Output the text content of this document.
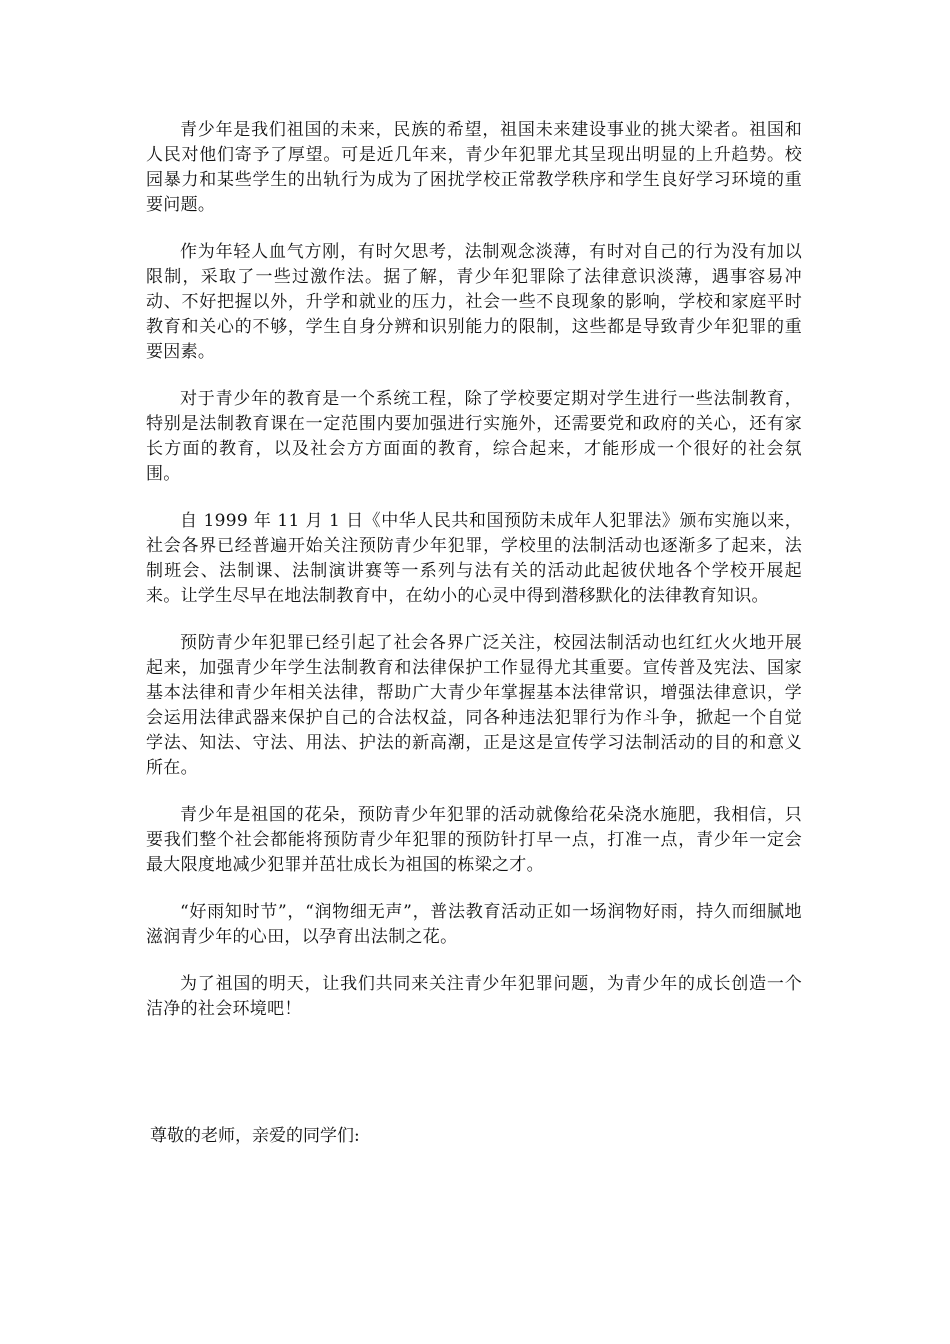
青少年是我们祖国的未来，民族的希望，祖国未来建设事业的挑大梁者。祖国和人民对他们寄予了厚望。可是近几年来，青少年犯罪尤其呈现出明显的上升趋势。校园暴力和某些学生的出轨行为成为了困扰学校正常教学秩序和学生良好学习环境的重要问题。

作为年轻人血气方刚，有时欠思考，法制观念淡薄，有时对自己的行为没有加以限制，采取了一些过激作法。据了解，青少年犯罪除了法律意识淡薄，遇事容易冲动、不好把握以外，升学和就业的压力，社会一些不良现象的影响，学校和家庭平时教育和关心的不够，学生自身分辨和识别能力的限制，这些都是导致青少年犯罪的重要因素。

对于青少年的教育是一个系统工程，除了学校要定期对学生进行一些法制教育，特别是法制教育课在一定范围内要加强进行实施外，还需要党和政府的关心，还有家长方面的教育，以及社会方方面面的教育，综合起来，才能形成一个很好的社会氛围。

自 1999 年 11 月 1 日《中华人民共和国预防未成年人犯罪法》颁布实施以来，社会各界已经普遍开始关注预防青少年犯罪，学校里的法制活动也逐渐多了起来，法制班会、法制课、法制演讲赛等一系列与法有关的活动此起彼伏地各个学校开展起来。让学生尽早在地法制教育中，在幼小的心灵中得到潜移默化的法律教育知识。

预防青少年犯罪已经引起了社会各界广泛关注，校园法制活动也红红火火地开展起来，加强青少年学生法制教育和法律保护工作显得尤其重要。宣传普及宪法、国家基本法律和青少年相关法律，帮助广大青少年掌握基本法律常识，增强法律意识，学会运用法律武器来保护自己的合法权益，同各种违法犯罪行为作斗争，掀起一个自觉学法、知法、守法、用法、护法的新高潮，正是这是宣传学习法制活动的目的和意义所在。

青少年是祖国的花朵，预防青少年犯罪的活动就像给花朵浇水施肥，我相信，只要我们整个社会都能将预防青少年犯罪的预防针打早一点，打准一点，青少年一定会最大限度地减少犯罪并茁壮成长为祖国的栋梁之才。

“好雨知时节”，“润物细无声”，普法教育活动正如一场润物好雨，持久而细腻地滋润青少年的心田，以孕育出法制之花。

为了祖国的明天，让我们共同来关注青少年犯罪问题，为青少年的成长创造一个洁净的社会环境吧！

尊敬的老师，亲爱的同学们:
